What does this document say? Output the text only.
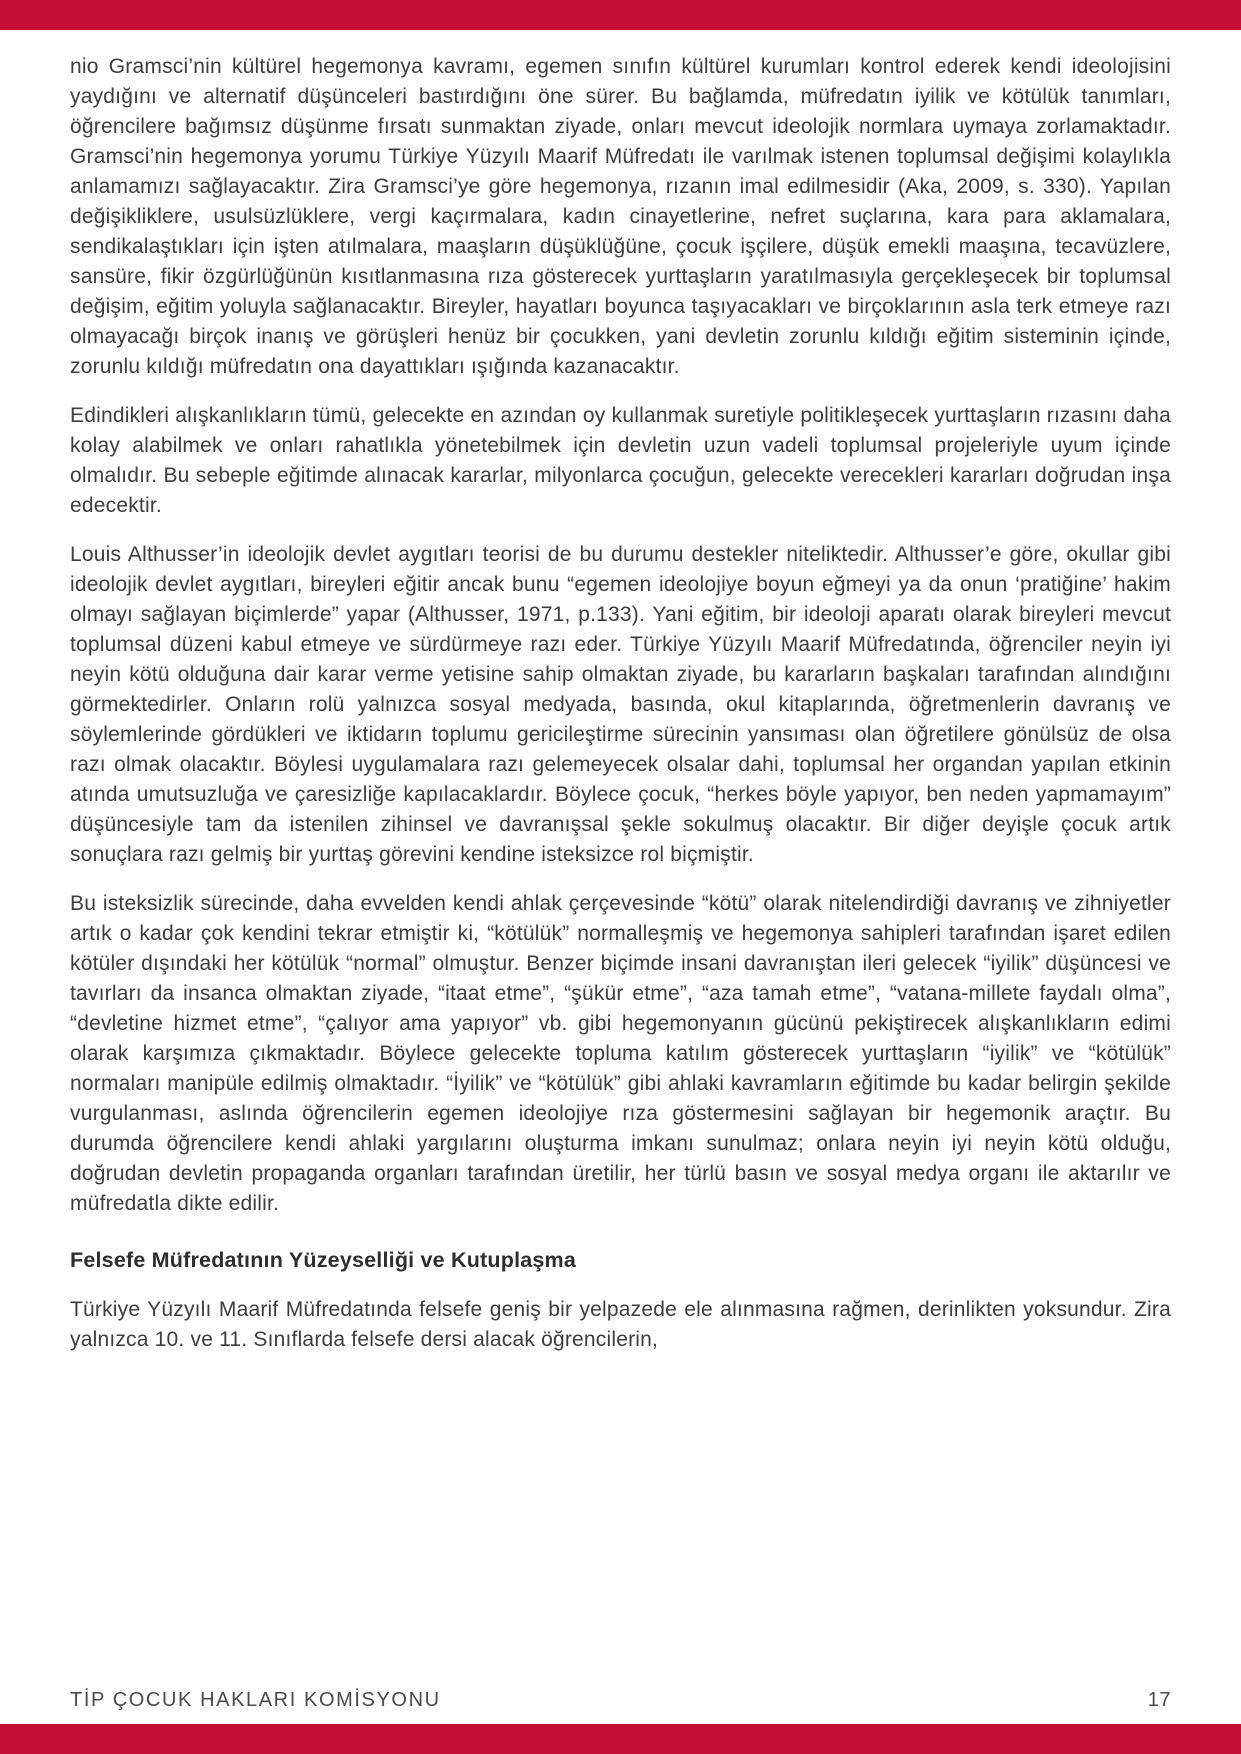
nio Gramsci’nin kültürel hegemonya kavramı, egemen sınıfın kültürel kurumları kontrol ederek kendi ideolojisini yaydığını ve alternatif düşünceleri bastırdığını öne sürer. Bu bağlamda, müfredatın iyilik ve kötülük tanımları, öğrencilere bağımsız düşünme fırsatı sunmaktan ziyade, onları mevcut ideolojik normlara uymaya zorlamaktadır. Gramsci’nin hegemonya yorumu Türkiye Yüzyılı Maarif Müfredatı ile varılmak istenen toplumsal değişimi kolaylıkla anlamamızı sağlayacaktır. Zira Gramsci’ye göre hegemonya, rızanın imal edilmesidir (Aka, 2009, s. 330). Yapılan değişikliklere, usulsüzlüklere, vergi kaçırmalara, kadın cinayetlerine, nefret suçlarına, kara para aklamalara, sendikalaştıkları için işten atılmalara, maaşların düşüklüğüne, çocuk işçilere, düşük emekli maaşına, tecavüzlere, sansüre, fikir özgürlüğünün kısıtlanmasına rıza gösterecek yurttaşların yaratılmasıyla gerçekleşecek bir toplumsal değişim, eğitim yoluyla sağlanacaktır. Bireyler, hayatları boyunca taşıyacakları ve birçoklarının asla terk etmeye razı olmayacağı birçok inanış ve görüşleri henüz bir çocukken, yani devletin zorunlu kıldığı eğitim sisteminin içinde, zorunlu kıldığı müfredatın ona dayattıkları ışığında kazanacaktır.

Edindikleri alışkanlıkların tümü, gelecekte en azından oy kullanmak suretiyle politikleşecek yurttaşların rızasını daha kolay alabilmek ve onları rahatlıkla yönetebilmek için devletin uzun vadeli toplumsal projeleriyle uyum içinde olmalıdır. Bu sebeple eğitimde alınacak kararlar, milyonlarca çocuğun, gelecekte verecekleri kararları doğrudan inşa edecektir.

Louis Althusser’in ideolojik devlet aygıtları teorisi de bu durumu destekler niteliktedir. Althusser’e göre, okullar gibi ideolojik devlet aygıtları, bireyleri eğitir ancak bunu “egemen ideolojiye boyun eğmeyi ya da onun ‘pratiğine’ hakim olmayı sağlayan biçimlerde” yapar (Althusser, 1971, p.133). Yani eğitim, bir ideoloji aparatı olarak bireyleri mevcut toplumsal düzeni kabul etmeye ve sürdürmeye razı eder. Türkiye Yüzyılı Maarif Müfredatında, öğrenciler neyin iyi neyin kötü olduğuna dair karar verme yetisine sahip olmaktan ziyade, bu kararların başkaları tarafından alındığını görmektedirler. Onların rolü yalnızca sosyal medyada, basında, okul kitaplarında, öğretmenlerin davranış ve söylemlerinde gördükleri ve iktidarın toplumu gericileştirme sürecinin yansıması olan öğretilere gönülsüz de olsa razı olmak olacaktır. Böylesi uygulamalara razı gelemeyecek olsalar dahi, toplumsal her organdan yapılan etkinin atında umutsuzluğa ve çaresizliğe kapılacaklardır. Böylece çocuk, “herkes böyle yapıyor, ben neden yapmamayım” düşüncesiyle tam da istenilen zihinsel ve davranışsal şekle sokulmuş olacaktır. Bir diğer deyişle çocuk artık sonuçlara razı gelmiş bir yurttaş görevini kendine isteksizce rol biçmiştir.

Bu isteksizlik sürecinde, daha evvelden kendi ahlak çerçevesinde “kötü” olarak nitelendirdiği davranış ve zihniyetler artık o kadar çok kendini tekrar etmiştir ki, “kötülük” normalleşmiş ve hegemonya sahipleri tarafından işaret edilen kötüler dışındaki her kötülük “normal” olmuştur. Benzer biçimde insani davranıştan ileri gelecek “iyilik” düşüncesi ve tavırları da insanca olmaktan ziyade, “itaat etme”, “şükür etme”, “aza tamah etme”, “vatana-millete faydalı olma”, “devletine hizmet etme”, “çalıyor ama yapıyor” vb. gibi hegemonyanın gücünü pekiştirecek alışkanlıkların edimi olarak karşımıza çıkmaktadır. Böylece gelecekte topluma katılım gösterecek yurttaşların “iyilik” ve “kötülük” normaları manipüle edilmiş olmaktadır. “İyilik” ve “kötülük” gibi ahlaki kavramların eğitimde bu kadar belirgin şekilde vurgulanması, aslında öğrencilerin egemen ideolojiye rıza göstermesini sağlayan bir hegemonik araçtır. Bu durumda öğrencilere kendi ahlaki yargılarını oluşturma imkanı sunulmaz; onlara neyin iyi neyin kötü olduğu, doğrudan devletin propaganda organları tarafından üretilir, her türlü basın ve sosyal medya organı ile aktarılır ve müfredatla dikte edilir.

Felsefe Müfredatının Yüzeyselliği ve Kutuplaşma

Türkiye Yüzyılı Maarif Müfredatında felsefe geniş bir yelpazede ele alınmasına rağmen, derinlikten yoksundur. Zira yalnızca 10. ve 11. Sınıflarda felsefe dersi alacak öğrencilerin,

TİP ÇOCUK HAKLARI KOMİSYONU	17
